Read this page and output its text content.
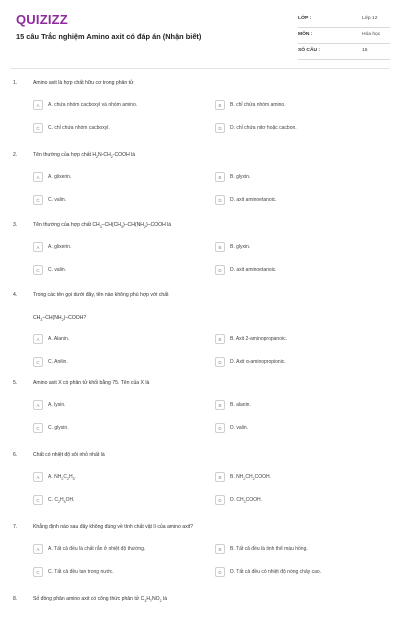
QUIZIZZ
15 câu Trắc nghiệm Amino axit có đáp án (Nhận biết)
LỚP :	Lớp 12
MÔN :	Hóa học
SỐ CÂU :	15
1.	Amino axit là hợp chất hữu cơ trong phân tử
A	A. chứa nhóm cacboxyl và nhóm amino.	B	B. chỉ chứa nhóm amino.
C	C. chỉ chứa nhóm cacboxyl.	D	D. chỉ chứa nitơ hoặc cacbon.
2.	Tên thường của hợp chất $H_2N-CH_2$-COOH là
A	A. glixerin.	B	B. glyxin.
C	C. valin.	D	D. axit aminoetanoic.
3.	Tên thường của hợp chất $CH_3-CH(CH_3)-CH(NH_2)$–COOH là
A	A. glixerin.	B	B. glyxin.
C	C. valin.	D	D. axit aminoetanoic.
4.	Trong các tên gọi dưới đây, tên nào không phù hợp với chất
$CH_3-CH(NH_2)$–COOH?
A	A. Alanin.	B	B. Axit 2-aminopropanoic.
C	C. Anilin.	D	D. Axit α-aminopropionic.
5.	Amino axit X có phân tử khối bằng 75. Tên của X là
A	A. lysin.	B	B. alanin.
C	C. glyxin.	D	D. valin.
6.	Chất có nhiệt độ sôi nhỏ nhất là
A	A. $NH_2C_2H_5$.	B	B. $NH_2CH_2COOH$.
C	C. $C_2H_5OH$.	D	D. $CH_3COOH$.
7.	Khẳng định nào sau đây không đúng về tính chất vật lí của amino axit?
A	A. Tất cả đều là chất rắn ở nhiệt độ thường.	B	B. Tất cả đều là tinh thể màu hồng.
C	C. Tất cả đều tan trong nước.	D	D. Tất cả đều có nhiệt độ nóng chảy cao.
8.	Số đồng phân amino axit có công thức phân tử $C_3H_7NO_2$ là
